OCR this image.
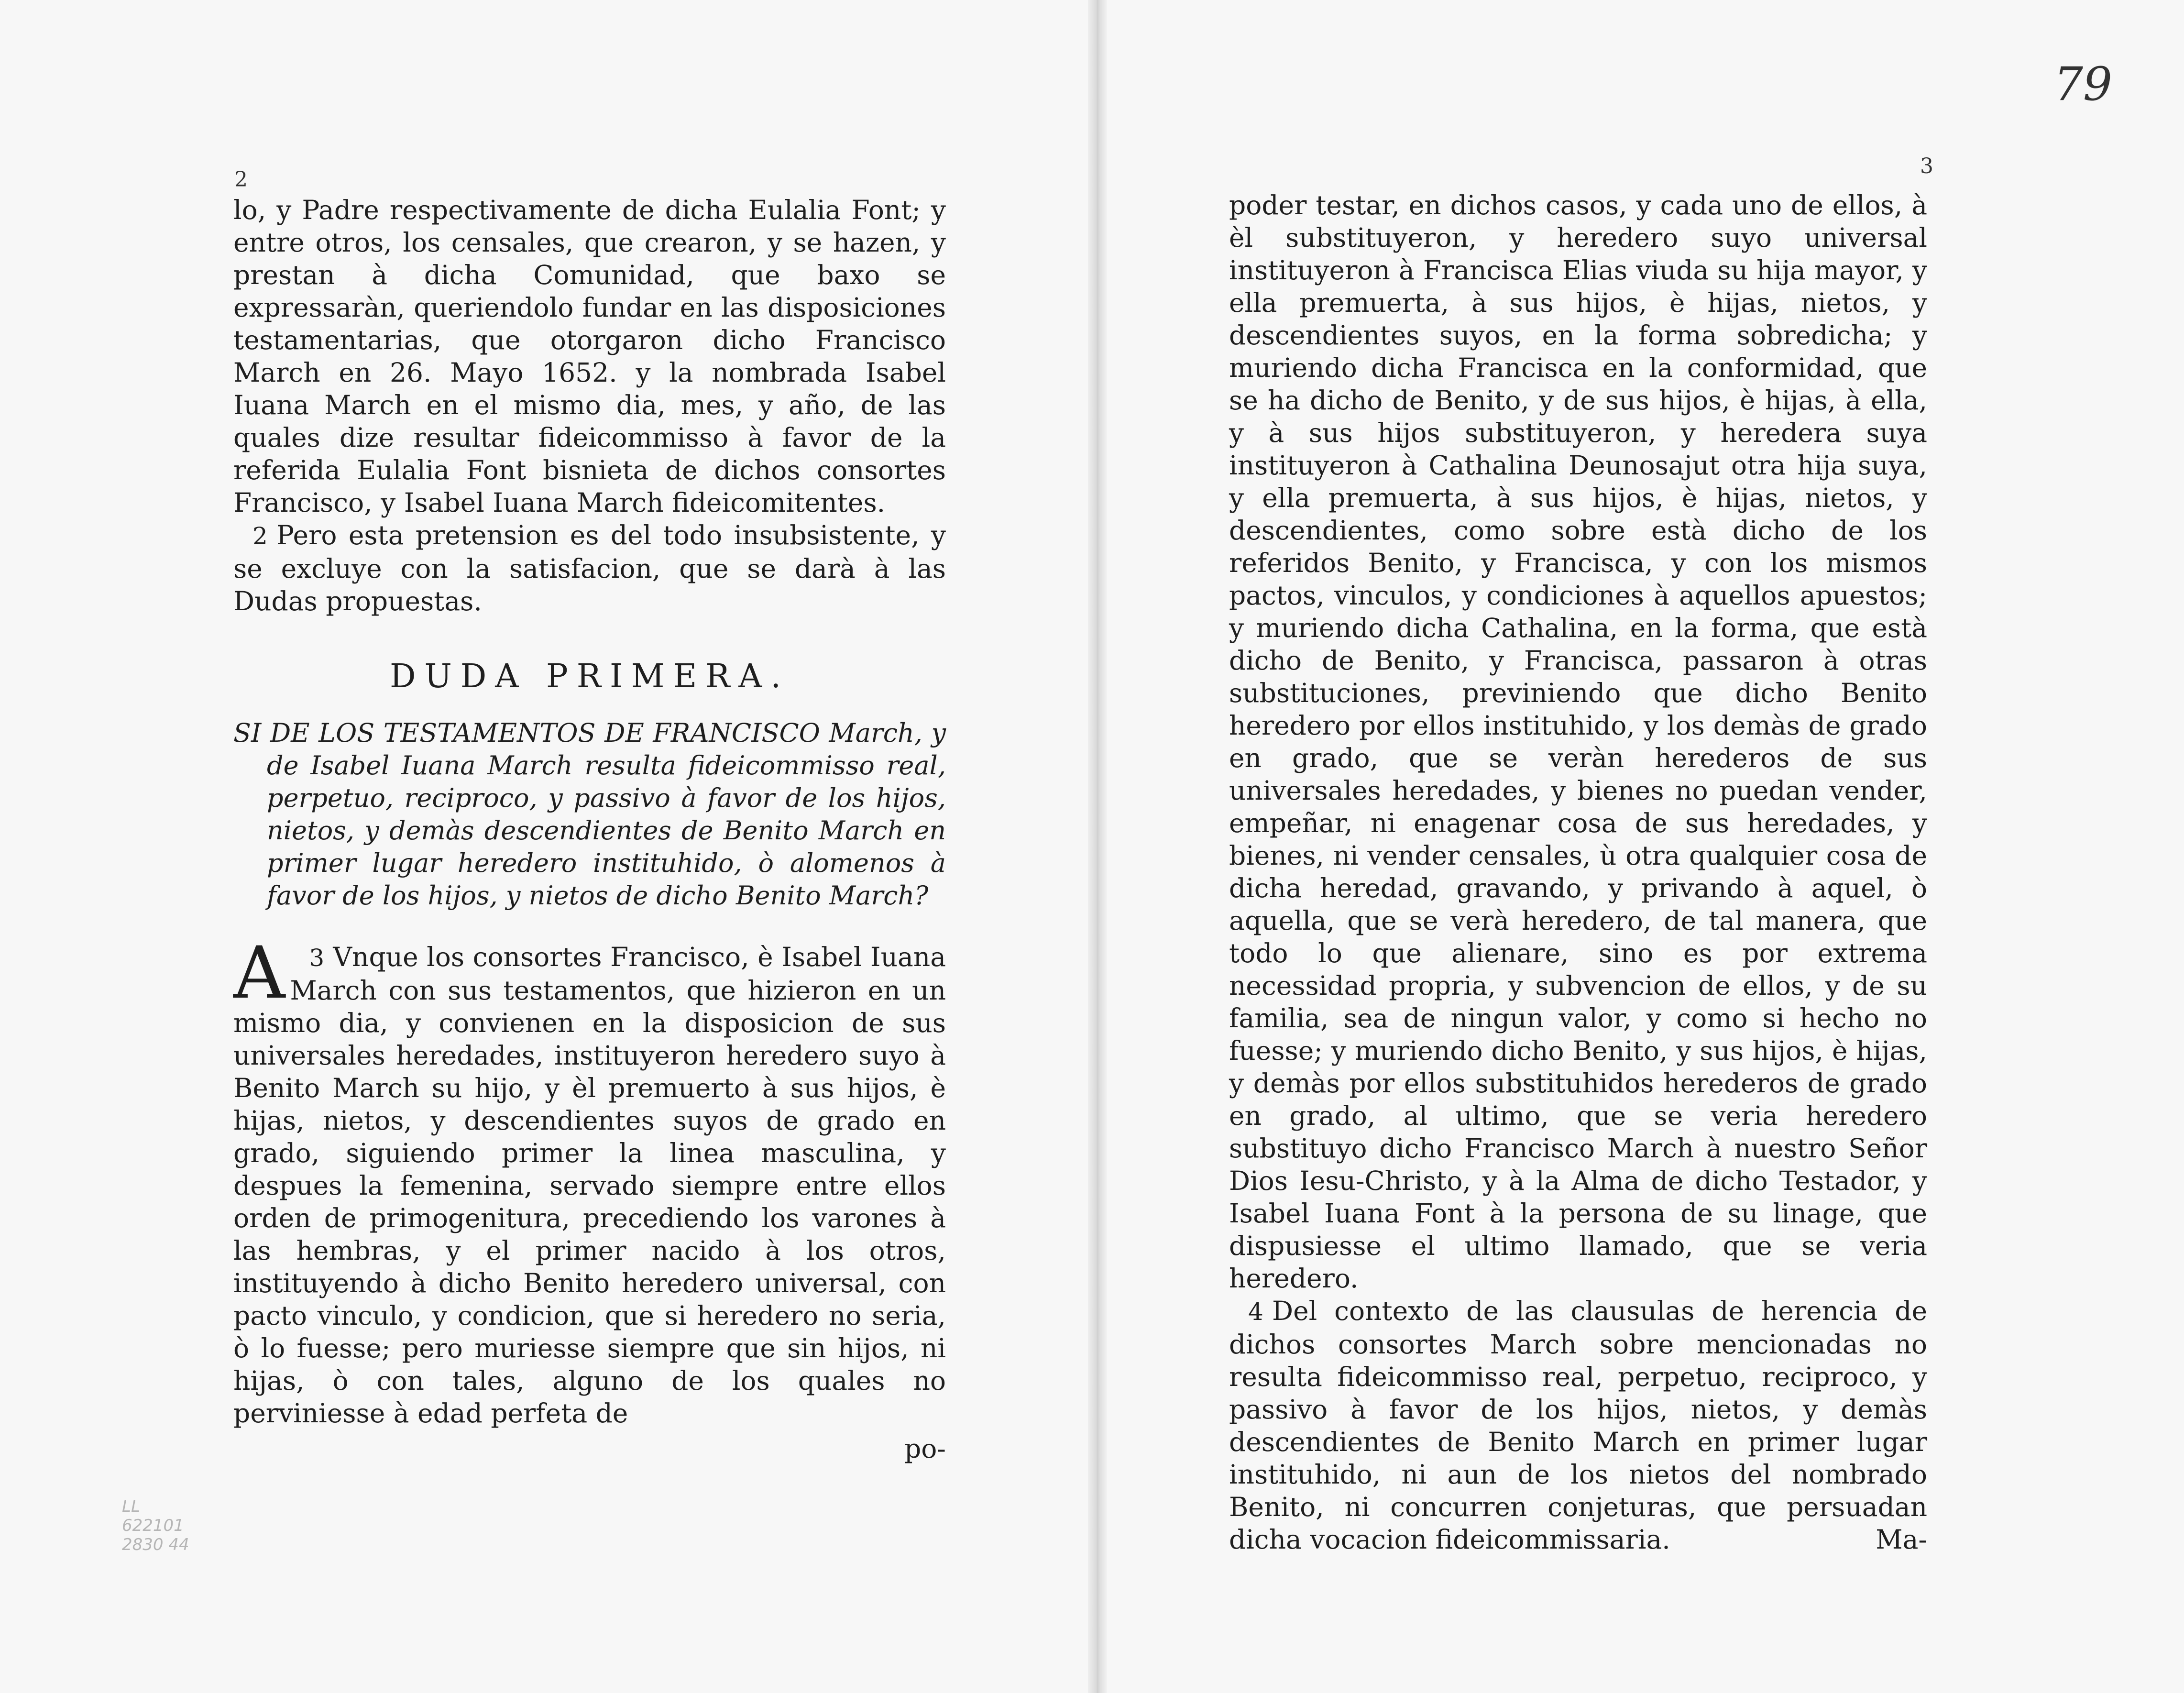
2

lo, y Padre respectivamente de dicha Eulalia Font; y entre otros, los censales, que crearon, y se hazen, y prestan à dicha Comunidad, que baxo se expressaràn, queriendolo fundar en las disposiciones testamentarias, que otorgaron dicho Francisco March en 26. Mayo 1652. y la nombrada Isabel Iuana March en el mismo dia, mes, y año, de las quales dize resultar fideicommisso à favor de la referida Eulalia Font bisnieta de dichos consortes Francisco, y Isabel Iuana March fideicomitentes.

2 Pero esta pretension es del todo insubsistente, y se excluye con la satisfacion, que se darà à las Dudas propuestas.

DUDA PRIMERA.

SI DE LOS TESTAMENTOS DE FRANCISCO March, y de Isabel Iuana March resulta fideicommisso real, perpetuo, reciproco, y passivo à favor de los hijos, nietos, y demàs descendientes de Benito March en primer lugar heredero instituhido, ò alomenos à favor de los hijos, y nietos de dicho Benito March?

3
A Vnque los consortes Francisco, è Isabel Iuana March con sus testamentos, que hizieron en un mismo dia, y convienen en la disposicion de sus universales heredades, instituyeron heredero suyo à Benito March su hijo, y èl premuerto à sus hijos, è hijas, nietos, y descendientes suyos de grado en grado, siguiendo primer la linea masculina, y despues la femenina, servado siempre entre ellos orden de primogenitura, precediendo los varones à las hembras, y el primer nacido à los otros, instituyendo à dicho Benito heredero universal, con pacto vinculo, y condicion, que si heredero no seria, ò lo fuesse; pero muriesse siempre que sin hijos, ni hijas, ò con tales, alguno de los quales no perviniesse à edad perfeta de

po-
LL
622101
2830 44
79
3

poder testar, en dichos casos, y cada uno de ellos, à èl substituyeron, y heredero suyo universal instituyeron à Francisca Elias viuda su hija mayor, y ella premuerta, à sus hijos, è hijas, nietos, y descendientes suyos, en la forma sobredicha; y muriendo dicha Francisca en la conformidad, que se ha dicho de Benito, y de sus hijos, è hijas, à ella, y à sus hijos substituyeron, y heredera suya instituyeron à Cathalina Deunosajut otra hija suya, y ella premuerta, à sus hijos, è hijas, nietos, y descendientes, como sobre està dicho de los referidos Benito, y Francisca, y con los mismos pactos, vinculos, y condiciones à aquellos apuestos; y muriendo dicha Cathalina, en la forma, que està dicho de Benito, y Francisca, passaron à otras substituciones, previniendo que dicho Benito heredero por ellos instituhido, y los demàs de grado en grado, que se veràn herederos de sus universales heredades, y bienes no puedan vender, empeñar, ni enagenar cosa de sus heredades, y bienes, ni vender censales, ù otra qualquier cosa de dicha heredad, gravando, y privando à aquel, ò aquella, que se verà heredero, de tal manera, que todo lo que alienare, sino es por extrema necessidad propria, y subvencion de ellos, y de su familia, sea de ningun valor, y como si hecho no fuesse; y muriendo dicho Benito, y sus hijos, è hijas, y demàs por ellos substituhidos herederos de grado en grado, al ultimo, que se veria heredero substituyo dicho Francisco March à nuestro Señor Dios Iesu-Christo, y à la Alma de dicho Testador, y Isabel Iuana Font à la persona de su linage, que dispusiesse el ultimo llamado, que se veria heredero.

4 Del contexto de las clausulas de herencia de dichos consortes March sobre mencionadas no resulta fideicommisso real, perpetuo, reciproco, y passivo à favor de los hijos, nietos, y demàs descendientes de Benito March en primer lugar instituhido, ni aun de los nietos del nombrado Benito, ni concurren conjeturas, que persuadan dicha vocacion fideicommissaria.	Ma-
